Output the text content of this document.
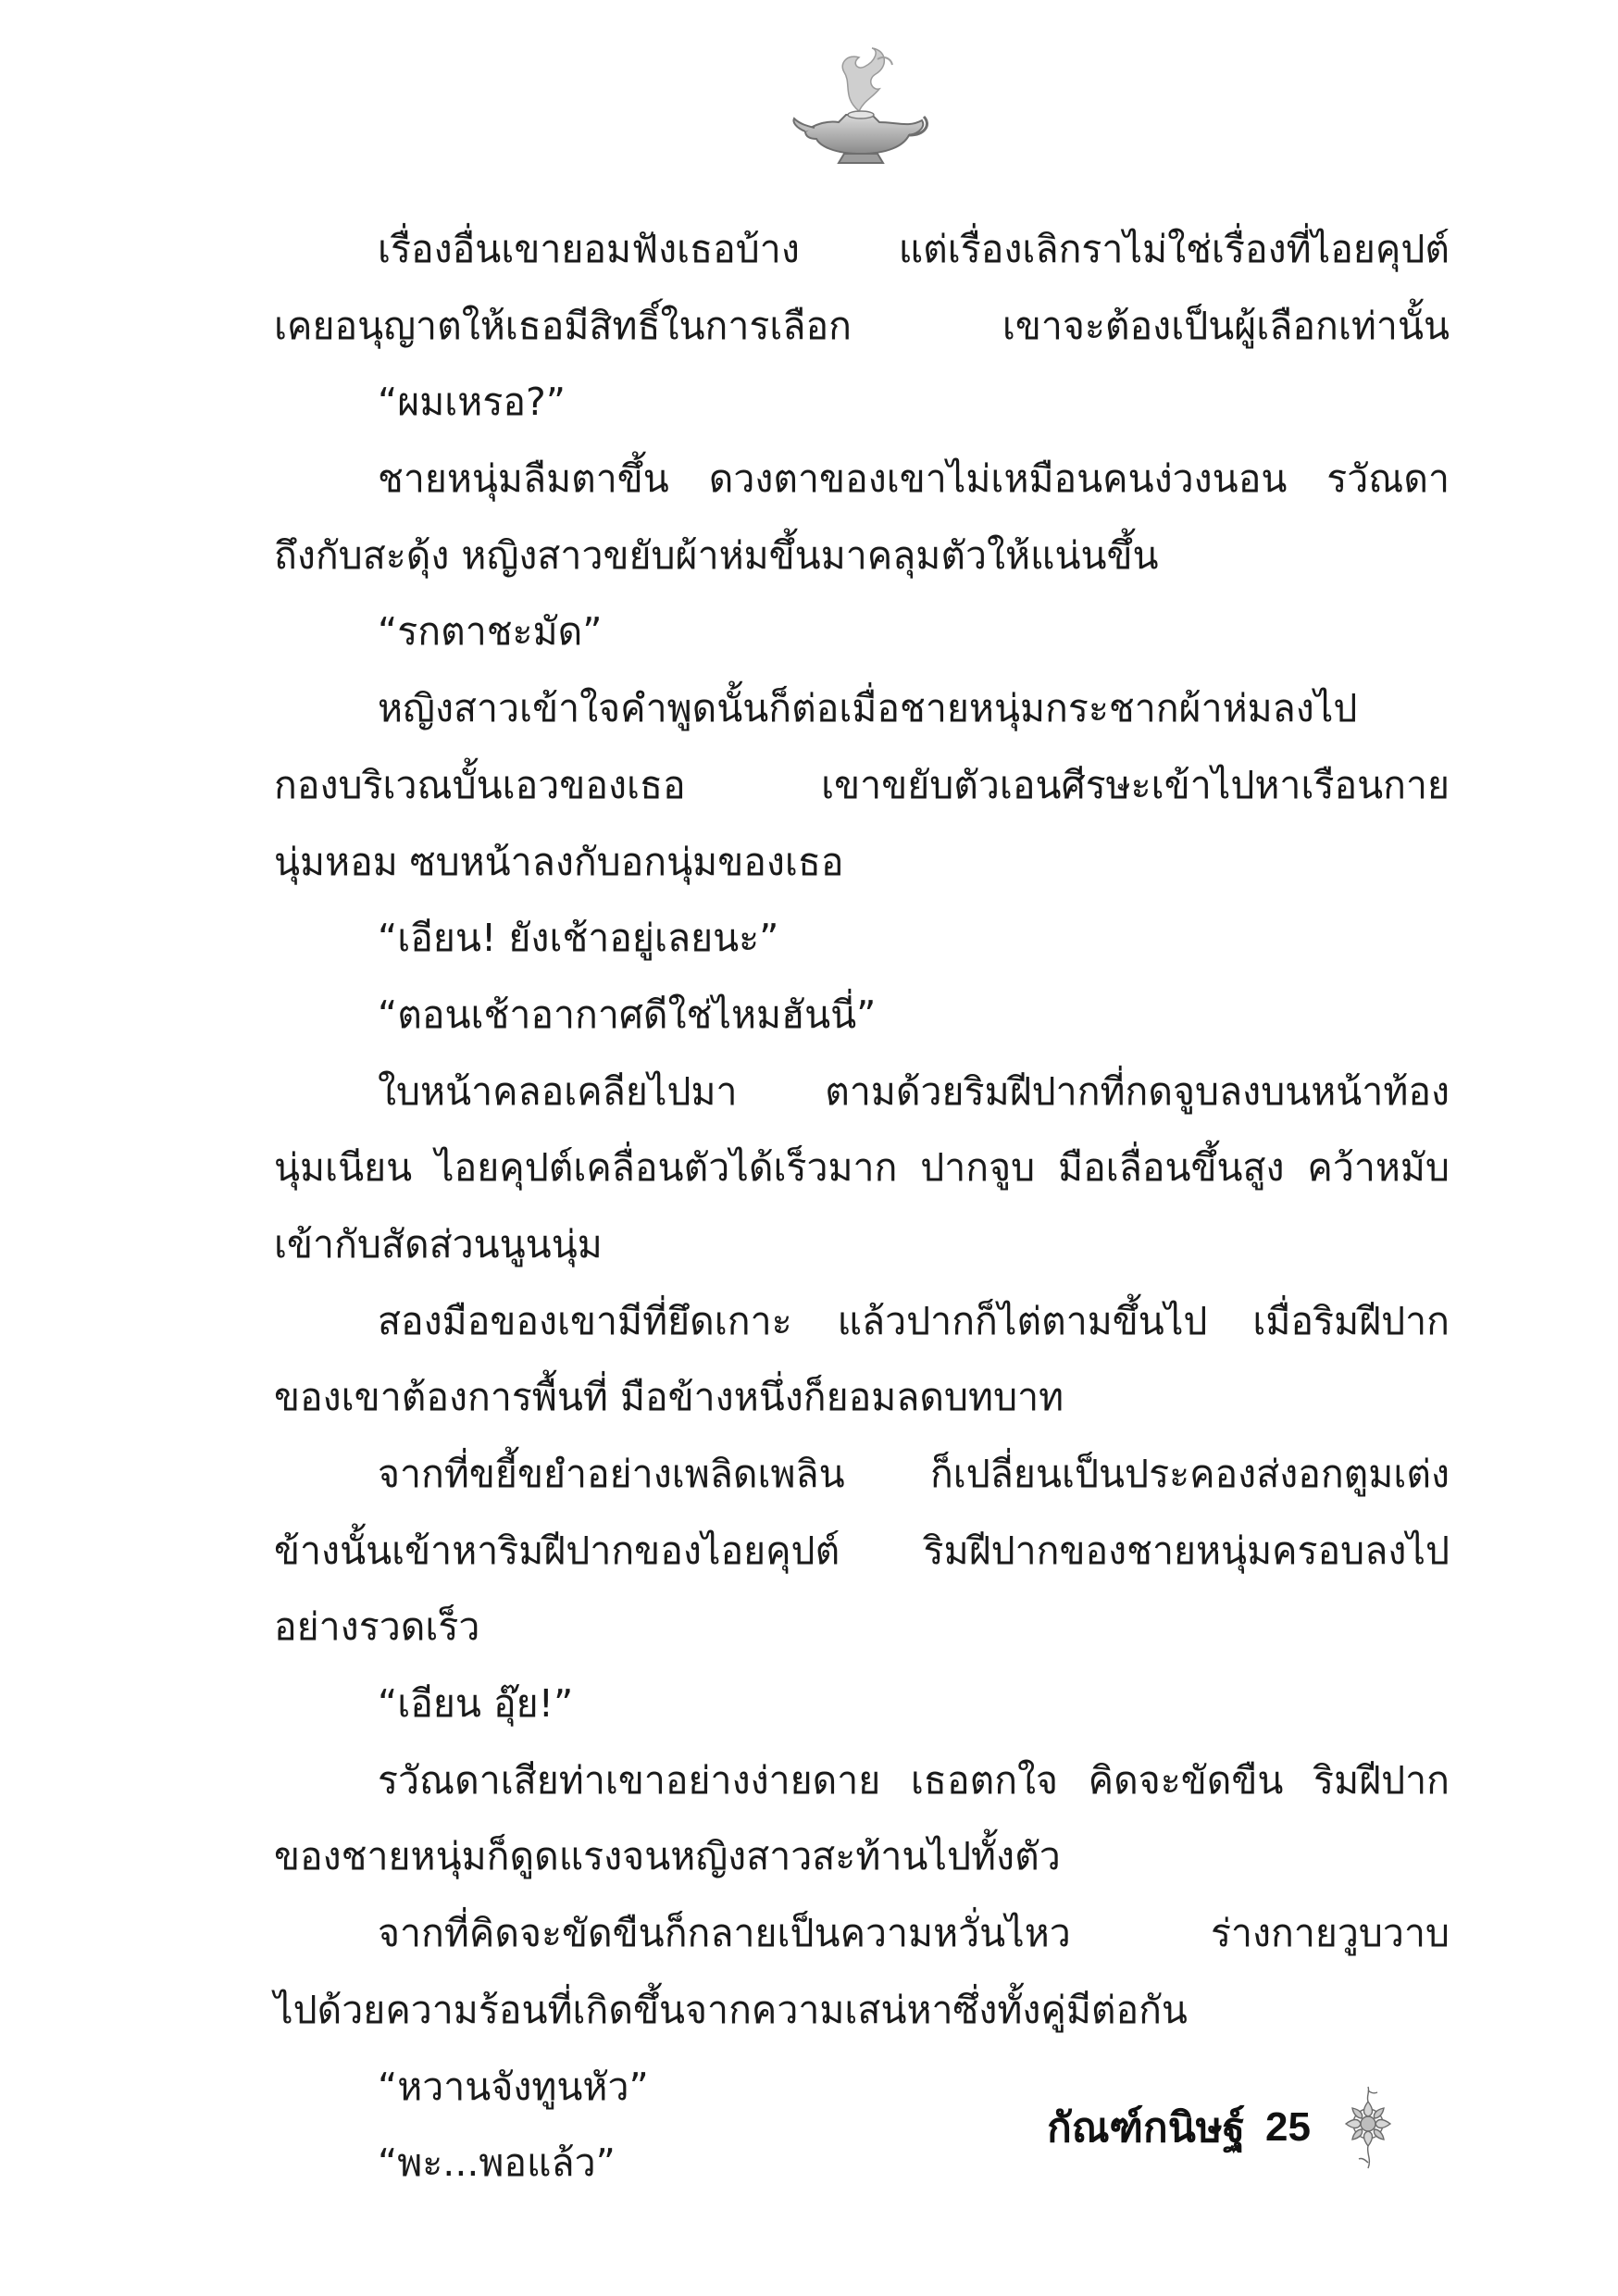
เรื่องอื่นเขายอมฟังเธอบ้าง แต่เรื่องเลิกราไม่ใช่เรื่องที่ไอยคุปต์
เคยอนุญาตให้เธอมีสิทธิ์ในการเลือก เขาจะต้องเป็นผู้เลือกเท่านั้น
“ผมเหรอ?”
ชายหนุ่มลืมตาขึ้น ดวงตาของเขาไม่เหมือนคนง่วงนอน รวัณดา
ถึงกับสะดุ้ง หญิงสาวขยับผ้าห่มขึ้นมาคลุมตัวให้แน่นขึ้น
“รกตาชะมัด”
หญิงสาวเข้าใจคำพูดนั้นก็ต่อเมื่อชายหนุ่มกระชากผ้าห่มลงไป
กองบริเวณบั้นเอวของเธอ เขาขยับตัวเอนศีรษะเข้าไปหาเรือนกาย
นุ่มหอม ซบหน้าลงกับอกนุ่มของเธอ
“เอียน! ยังเช้าอยู่เลยนะ”
“ตอนเช้าอากาศดีใช่ไหมฮันนี่”
ใบหน้าคลอเคลียไปมา ตามด้วยริมฝีปากที่กดจูบลงบนหน้าท้อง
นุ่มเนียน ไอยคุปต์เคลื่อนตัวได้เร็วมาก ปากจูบ มือเลื่อนขึ้นสูง คว้าหมับ
เข้ากับสัดส่วนนูนนุ่ม
สองมือของเขามีที่ยึดเกาะ แล้วปากก็ไต่ตามขึ้นไป เมื่อริมฝีปาก
ของเขาต้องการพื้นที่ มือข้างหนึ่งก็ยอมลดบทบาท
จากที่ขยี้ขยำอย่างเพลิดเพลิน ก็เปลี่ยนเป็นประคองส่งอกตูมเต่ง
ข้างนั้นเข้าหาริมฝีปากของไอยคุปต์ ริมฝีปากของชายหนุ่มครอบลงไป
อย่างรวดเร็ว
“เอียน อุ๊ย!”
รวัณดาเสียท่าเขาอย่างง่ายดาย เธอตกใจ คิดจะขัดขืน ริมฝีปาก
ของชายหนุ่มก็ดูดแรงจนหญิงสาวสะท้านไปทั้งตัว
จากที่คิดจะขัดขืนก็กลายเป็นความหวั่นไหว ร่างกายวูบวาบ
ไปด้วยความร้อนที่เกิดขึ้นจากความเสน่หาซึ่งทั้งคู่มีต่อกัน
“หวานจังทูนหัว”
“พะ...พอแล้ว”
กัณฑ์กนิษฐ์ 25
